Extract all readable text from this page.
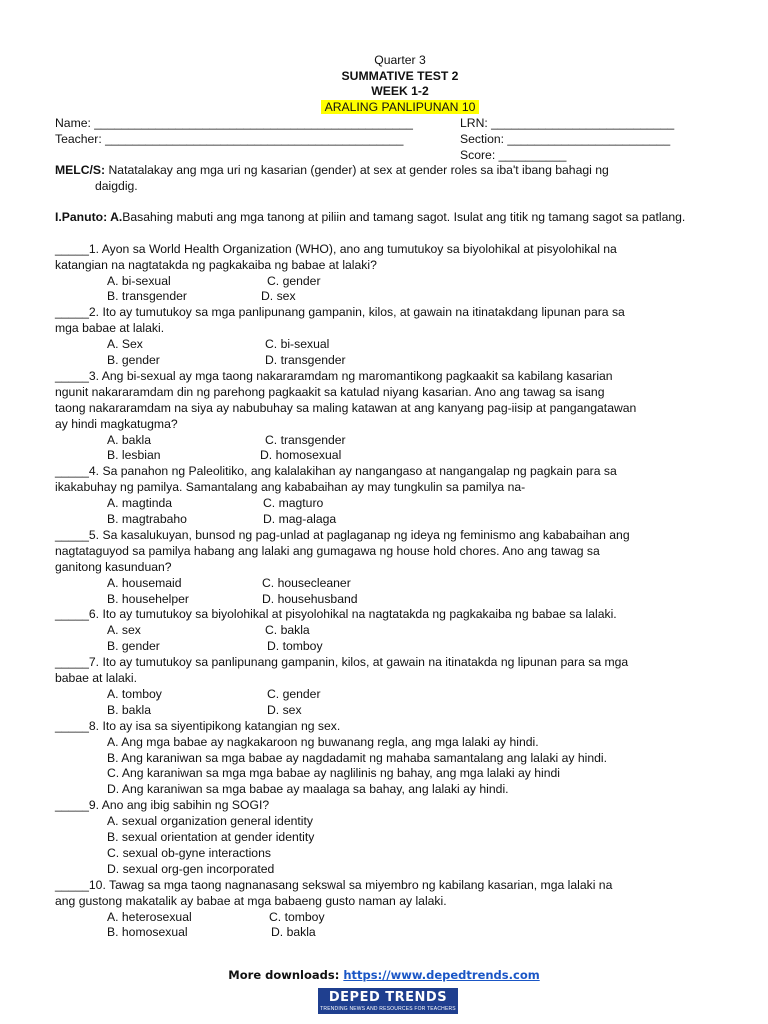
Quarter 3
SUMMATIVE TEST 2
WEEK 1-2
ARALING PANLIPUNAN 10
Name: _______________________________________________	LRN: ___________________________
Teacher: ____________________________________________	Section: ________________________
Score: __________
MELC/S: Natatalakay ang mga uri ng kasarian (gender) at sex at gender roles sa iba't ibang bahagi ng
daigdig.
I.Panuto: A.Basahing mabuti ang mga tanong at piliin and tamang sagot. Isulat ang titik ng tamang sagot sa patlang.
_____1. Ayon sa World Health Organization (WHO), ano ang tumutukoy sa biyolohikal at pisyolohikal na
katangian na nagtatakda ng pagkakaiba ng babae at lalaki?
A. bi-sexual	C. gender
B. transgender	D. sex
_____2. Ito ay tumutukoy sa mga panlipunang gampanin, kilos, at gawain na itinatakdang lipunan para sa
mga babae at lalaki.
A. Sex	C. bi-sexual
B. gender	D. transgender
_____3. Ang bi-sexual ay mga taong nakararamdam ng maromantikong pagkaakit sa kabilang kasarian
ngunit nakararamdam din ng parehong pagkaakit sa katulad niyang kasarian. Ano ang tawag sa isang
taong nakararamdam na siya ay nabubuhay sa maling katawan at ang kanyang pag-iisip at pangangatawan
ay hindi magkatugma?
A. bakla	C. transgender
B. lesbian	D. homosexual
_____4. Sa panahon ng Paleolitiko, ang kalalakihan ay nangangaso at nangangalap ng pagkain para sa
ikakabuhay ng pamilya. Samantalang ang kababaihan ay may tungkulin sa pamilya na-
A. magtinda	C. magturo
B. magtrabaho	D. mag-alaga
_____5. Sa kasalukuyan, bunsod ng pag-unlad at paglaganap ng ideya ng feminismo ang kababaihan ang
nagtataguyod sa pamilya habang ang lalaki ang gumagawa ng house hold chores. Ano ang tawag sa
ganitong kasunduan?
A. housemaid	C. housecleaner
B. househelper	D. househusband
_____6. Ito ay tumutukoy sa biyolohikal at pisyolohikal na nagtatakda ng pagkakaiba ng babae sa lalaki.
A. sex	C. bakla
B. gender	D. tomboy
_____7. Ito ay tumutukoy sa panlipunang gampanin, kilos, at gawain na itinatakda ng lipunan para sa mga
babae at lalaki.
A. tomboy	C. gender
B. bakla	D. sex
_____8. Ito ay isa sa siyentipikong katangian ng sex.
A. Ang mga babae ay nagkakaroon ng buwanang regla, ang mga lalaki ay hindi.
B. Ang karaniwan sa mga babae ay nagdadamit ng mahaba samantalang ang lalaki ay hindi.
C. Ang karaniwan sa mga mga babae ay naglilinis ng bahay, ang mga lalaki ay hindi
D. Ang karaniwan sa mga babae ay maalaga sa bahay, ang lalaki ay hindi.
_____9. Ano ang ibig sabihin ng SOGI?
A. sexual organization general identity
B. sexual orientation at gender identity
C. sexual ob-gyne interactions
D. sexual org-gen incorporated
_____10. Tawag sa mga taong nagnanasang sekswal sa miyembro ng kabilang kasarian, mga lalaki na
ang gustong makatalik ay babae at mga babaeng gusto naman ay lalaki.
A. heterosexual	C. tomboy
B. homosexual	D. bakla
More downloads: https://www.depedtrends.com
DEPED TRENDS
TRENDING NEWS AND RESOURCES FOR TEACHERS
